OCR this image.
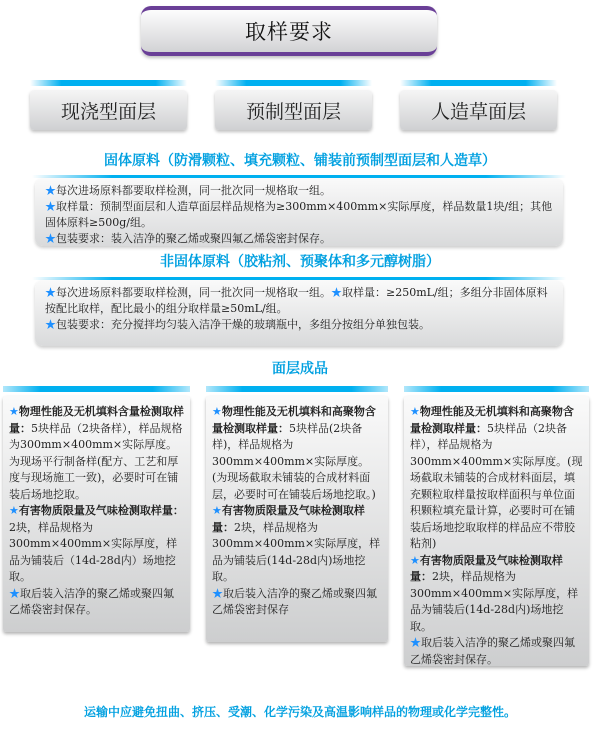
取样要求
现浇型面层	预制型面层	人造草面层
固体原料（防滑颗粒、填充颗粒、铺装前预制型面层和人造草）
★每次进场原料都要取样检测，同一批次同一规格取一组。
★取样量：预制型面层和人造草面层样品规格为≥300mm×400mm×实际厚度，样品数量1块/组；其他固体原料≥500g/组。
★包装要求：装入洁净的聚乙烯或聚四氟乙烯袋密封保存。
非固体原料（胶粘剂、预聚体和多元醇树脂）
★每次进场原料都要取样检测，同一批次同一规格取一组。★取样量：≥250mL/组；多组分非固体原料按配比取样，配比最小的组分取样量≥50mL/组。
★包装要求：充分搅拌均匀装入洁净干燥的玻璃瓶中，多组分按组分单独包装。
面层成品
★物理性能及无机填料含量检测取样量：5块样品（2块备样），样品规格为300mm×400mm×实际厚度。为现场平行制备样(配方、工艺和厚度与现场施工一致)，必要时可在铺装后场地挖取。
★有害物质限量及气味检测取样量：2块，样品规格为300mm×400mm×实际厚度，样品为铺装后（14d-28d内）场地挖取。
★取后装入洁净的聚乙烯或聚四氟乙烯袋密封保存。
★物理性能及无机填料和高聚物含量检测取样量：5块样品(2块备样)，样品规格为300mm×400mm×实际厚度。(为现场截取未铺装的合成材料面层，必要时可在铺装后场地挖取。)
★有害物质限量及气味检测取样量：2块，样品规格为300mm×400mm×实际厚度，样品为铺装后(14d-28d内)场地挖取。
★取后装入洁净的聚乙烯或聚四氟乙烯袋密封保存
★物理性能及无机填料和高聚物含量检测取样量：5块样品（2块备样），样品规格为300mm×400mm×实际厚度。(现场截取未铺装的合成材料面层，填充颗粒取样量按取样面积与单位面积颗粒填充量计算，必要时可在铺装后场地挖取取样的样品应不带胶粘剂)
★有害物质限量及气味检测取样量：2块，样品规格为300mm×400mm×实际厚度，样品为铺装后(14d-28d内)场地挖取。
★取后装入洁净的聚乙烯或聚四氟乙烯袋密封保存。
运输中应避免扭曲、挤压、受潮、化学污染及高温影响样品的物理或化学完整性。
